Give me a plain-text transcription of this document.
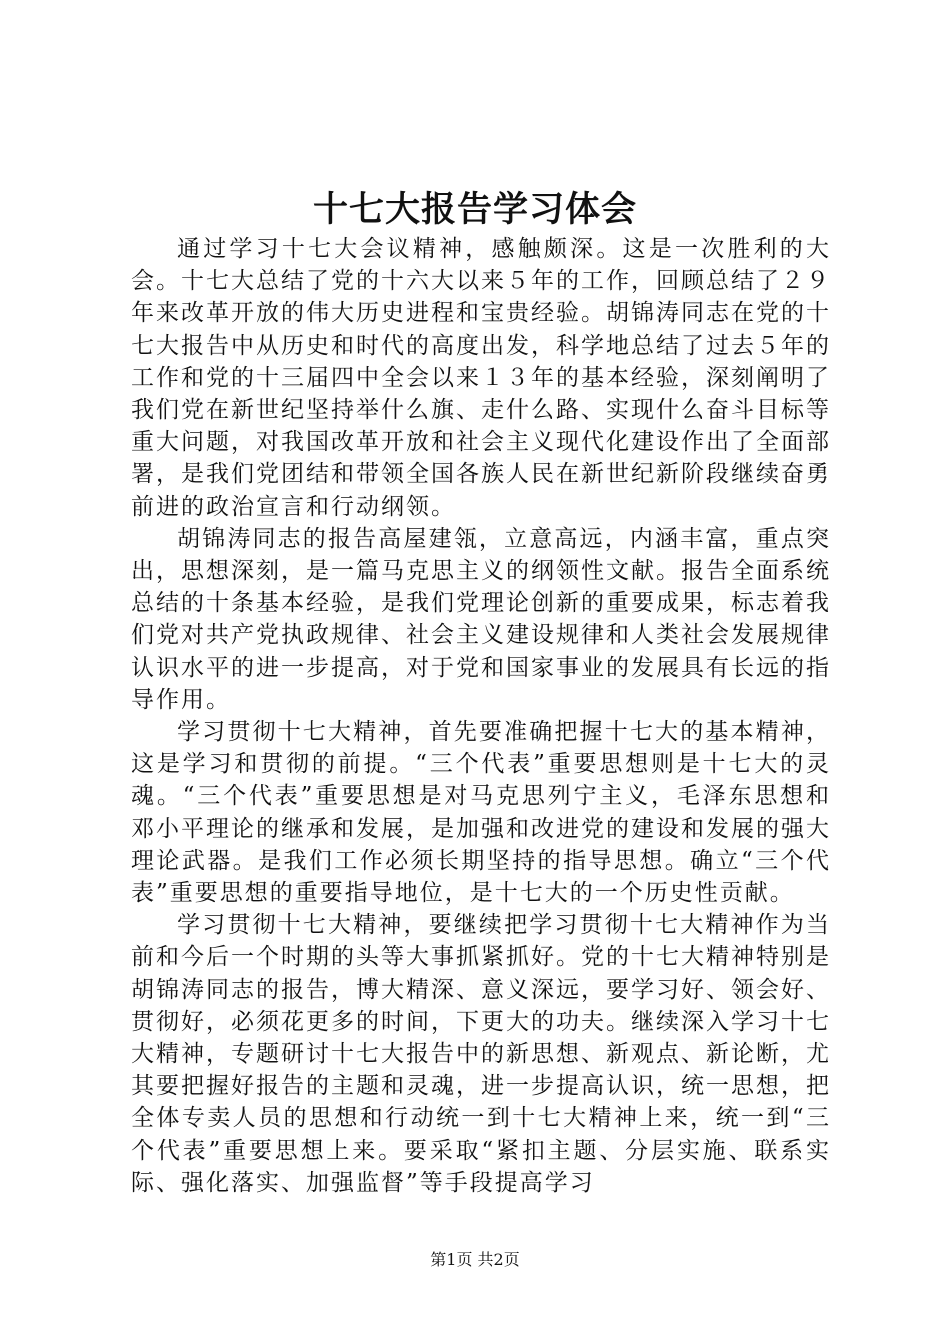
十七大报告学习体会

通过学习十七大会议精神，感触颇深。这是一次胜利的大会。十七大总结了党的十六大以来５年的工作，回顾总结了２９年来改革开放的伟大历史进程和宝贵经验。胡锦涛同志在党的十七大报告中从历史和时代的高度出发，科学地总结了过去５年的工作和党的十三届四中全会以来１３年的基本经验，深刻阐明了我们党在新世纪坚持举什么旗、走什么路、实现什么奋斗目标等重大问题，对我国改革开放和社会主义现代化建设作出了全面部署，是我们党团结和带领全国各族人民在新世纪新阶段继续奋勇前进的政治宣言和行动纲领。

胡锦涛同志的报告高屋建瓴，立意高远，内涵丰富，重点突出，思想深刻，是一篇马克思主义的纲领性文献。报告全面系统总结的十条基本经验，是我们党理论创新的重要成果，标志着我们党对共产党执政规律、社会主义建设规律和人类社会发展规律认识水平的进一步提高，对于党和国家事业的发展具有长远的指导作用。

学习贯彻十七大精神，首先要准确把握十七大的基本精神，这是学习和贯彻的前提。“三个代表”重要思想则是十七大的灵魂。“三个代表”重要思想是对马克思列宁主义，毛泽东思想和邓小平理论的继承和发展，是加强和改进党的建设和发展的强大理论武器。是我们工作必须长期坚持的指导思想。确立“三个代表”重要思想的重要指导地位，是十七大的一个历史性贡献。

学习贯彻十七大精神，要继续把学习贯彻十七大精神作为当前和今后一个时期的头等大事抓紧抓好。党的十七大精神特别是胡锦涛同志的报告，博大精深、意义深远，要学习好、领会好、贯彻好，必须花更多的时间，下更大的功夫。继续深入学习十七大精神，专题研讨十七大报告中的新思想、新观点、新论断，尤其要把握好报告的主题和灵魂，进一步提高认识，统一思想，把全体专卖人员的思想和行动统一到十七大精神上来，统一到“三个代表”重要思想上来。要采取“紧扣主题、分层实施、联系实际、强化落实、加强监督”等手段提高学习

第1页 共2页
